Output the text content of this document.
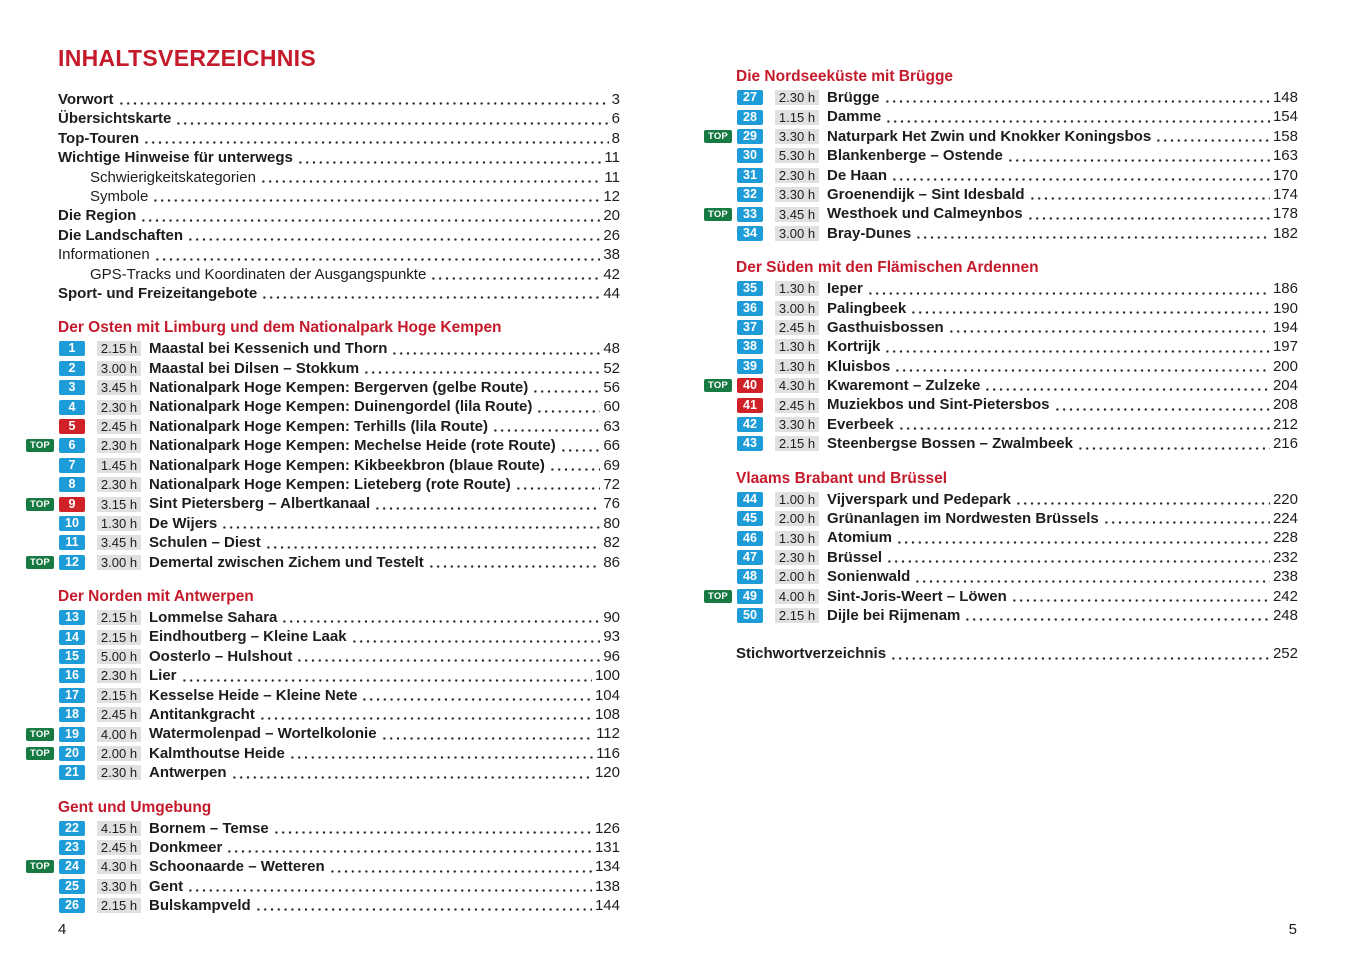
INHALTSVERZEICHNIS
Vorwort	3
Übersichtskarte	6
Top-Touren	8
Wichtige Hinweise für unterwegs	11
Schwierigkeitskategorien	11
Symbole	12
Die Region	20
Die Landschaften	26
Informationen	38
GPS-Tracks und Koordinaten der Ausgangspunkte	42
Sport- und Freizeitangebote	44
Der Osten mit Limburg und dem Nationalpark Hoge Kempen
1	2.15 h Maastal bei Kessenich und Thorn	48
2	3.00 h Maastal bei Dilsen – Stokkum	52
3	3.45 h Nationalpark Hoge Kempen: Bergerven (gelbe Route)	56
4	2.30 h Nationalpark Hoge Kempen: Duinengordel (lila Route)	60
5	2.45 h Nationalpark Hoge Kempen: Terhills (lila Route)	63
TOP	6	2.30 h Nationalpark Hoge Kempen: Mechelse Heide (rote Route)	66
7	1.45 h Nationalpark Hoge Kempen: Kikbeekbron (blaue Route)	69
8	2.30 h Nationalpark Hoge Kempen: Lieteberg (rote Route)	72
TOP	9	3.15 h Sint Pietersberg – Albertkanaal	76
10	1.30 h De Wijers	80
11	3.45 h Schulen – Diest	82
TOP	12	3.00 h Demertal zwischen Zichem und Testelt	86
Der Norden mit Antwerpen
13	2.15 h Lommelse Sahara	90
14	2.15 h Eindhoutberg – Kleine Laak	93
15	5.00 h Oosterlo – Hulshout	96
16	2.30 h Lier	100
17	2.15 h Kesselse Heide – Kleine Nete	104
18	2.45 h Antitankgracht	108
TOP	19	4.00 h Watermolenpad – Wortelkolonie	112
TOP	20	2.00 h Kalmthoutse Heide	116
21	2.30 h Antwerpen	120
Gent und Umgebung
22	4.15 h Bornem – Temse	126
23	2.45 h Donkmeer	131
TOP	24	4.30 h Schoonaarde – Wetteren	134
25	3.30 h Gent	138
26	2.15 h Bulskampveld	144
Die Nordseeküste mit Brügge
27	2.30 h Brügge	148
28	1.15 h Damme	154
TOP	29	3.30 h Naturpark Het Zwin und Knokker Koningsbos	158
30	5.30 h Blankenberge – Ostende	163
31	2.30 h De Haan	170
32	3.30 h Groenendijk – Sint Idesbald	174
TOP	33	3.45 h Westhoek und Calmeynbos	178
34	3.00 h Bray-Dunes	182
Der Süden mit den Flämischen Ardennen
35	1.30 h Ieper	186
36	3.00 h Palingbeek	190
37	2.45 h Gasthuisbossen	194
38	1.30 h Kortrijk	197
39	1.30 h Kluisbos	200
TOP	40	4.30 h Kwaremont – Zulzeke	204
41	2.45 h Muziekbos und Sint-Pietersbos	208
42	3.30 h Everbeek	212
43	2.15 h Steenbergse Bossen – Zwalmbeek	216
Vlaams Brabant und Brüssel
44	1.00 h Vijverspark und Pedepark	220
45	2.00 h Grünanlagen im Nordwesten Brüssels	224
46	1.30 h Atomium	228
47	2.30 h Brüssel	232
48	2.00 h Sonienwald	238
TOP	49	4.00 h Sint-Joris-Weert – Löwen	242
50	2.15 h Dijle bei Rijmenam	248
Stichwortverzeichnis	252
4	5
